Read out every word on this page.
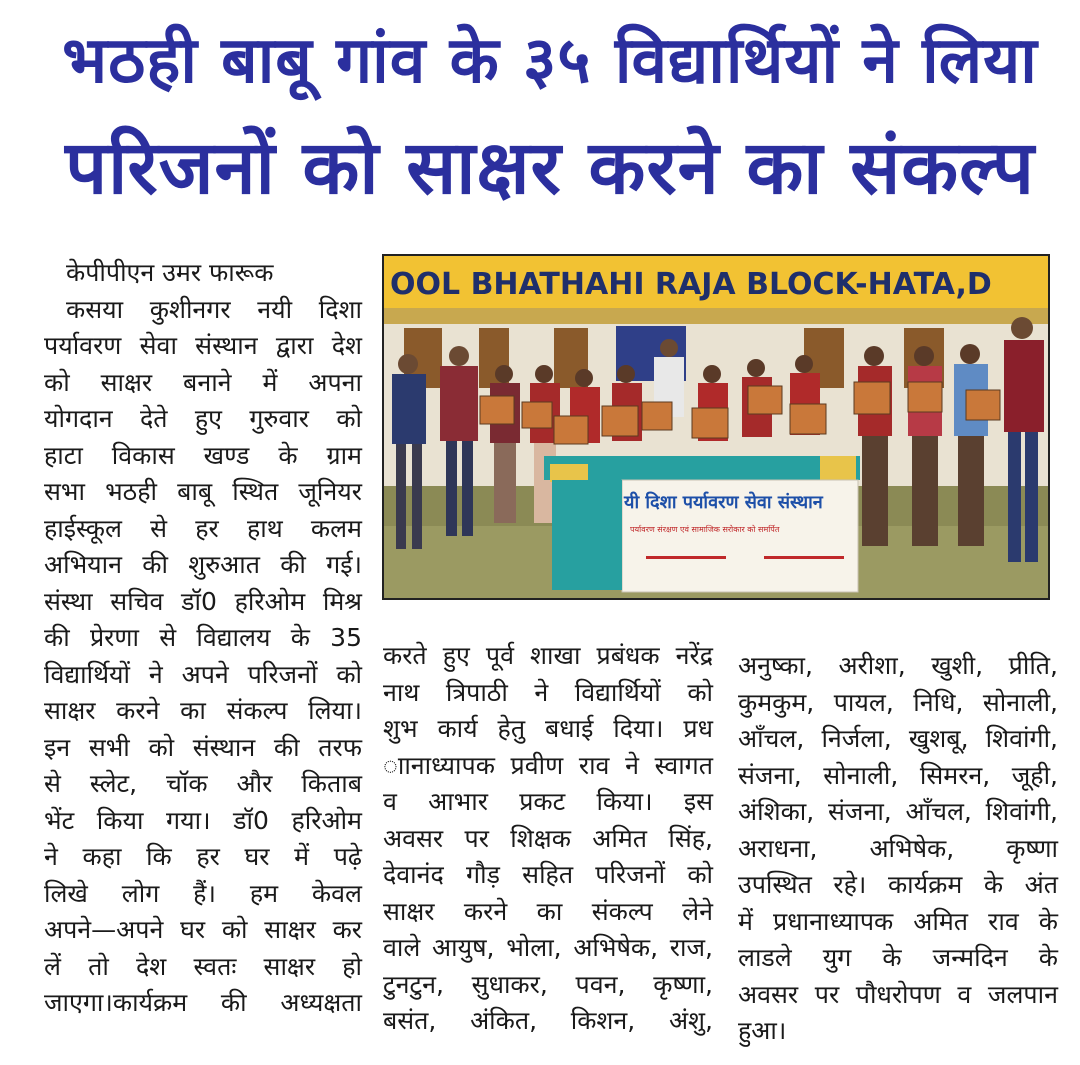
भठही बाबू गांव के ३५ विद्यार्थियों ने लिया
परिजनों को साक्षर करने का संकल्प

केपीपीएन उमर फारूक

कसया कुशीनगर नयी दिशा

पर्यावरण सेवा संस्थान द्वारा देश

को साक्षर बनाने में अपना

योगदान देते हुए गुरुवार को

हाटा विकास खण्ड के ग्राम

सभा भठही बाबू स्थित जूनियर

हाईस्कूल से हर हाथ कलम

अभियान की शुरुआत की गई।

संस्था सचिव डॉ0 हरिओम मिश्र

की प्रेरणा से विद्यालय के 35

विद्यार्थियों ने अपने परिजनों को

साक्षर करने का संकल्प लिया।

इन सभी को संस्थान की तरफ

से स्लेट, चॉक और किताब

भेंट किया गया। डॉ0 हरिओम

ने कहा कि हर घर में पढ़े

लिखे लोग हैं। हम केवल

अपने—अपने घर को साक्षर कर

लें तो देश स्वतः साक्षर हो

जाएगा।कार्यक्रम की अध्यक्षता

OOL BHATHAHI RAJA BLOCK-HATA,D
यी दिशा पर्यावरण सेवा संस्थान
पर्यावरण संरक्षण एवं सामाजिक सरोकार को समर्पित

करते हुए पूर्व शाखा प्रबंधक नरेंद्र

नाथ त्रिपाठी ने विद्यार्थियों को

शुभ कार्य हेतु बधाई दिया। प्रध

ाानाध्यापक प्रवीण राव ने स्वागत

व आभार प्रकट किया। इस

अवसर पर शिक्षक अमित सिंह,

देवानंद गौड़ सहित परिजनों को

साक्षर करने का संकल्प लेने

वाले आयुष, भोला, अभिषेक, राज,

टुनटुन, सुधाकर, पवन, कृष्णा,

बसंत, अंकित, किशन, अंशु,

अनुष्का, अरीशा, खुशी, प्रीति,

कुमकुम, पायल, निधि, सोनाली,

आँचल, निर्जला, खुशबू, शिवांगी,

संजना, सोनाली, सिमरन, जूही,

अंशिका, संजना, आँचल, शिवांगी,

अराधना, अभिषेक, कृष्णा

उपस्थित रहे। कार्यक्रम के अंत

में प्रधानाध्यापक अमित राव के

लाडले युग के जन्मदिन के

अवसर पर पौधरोपण व जलपान

हुआ।
